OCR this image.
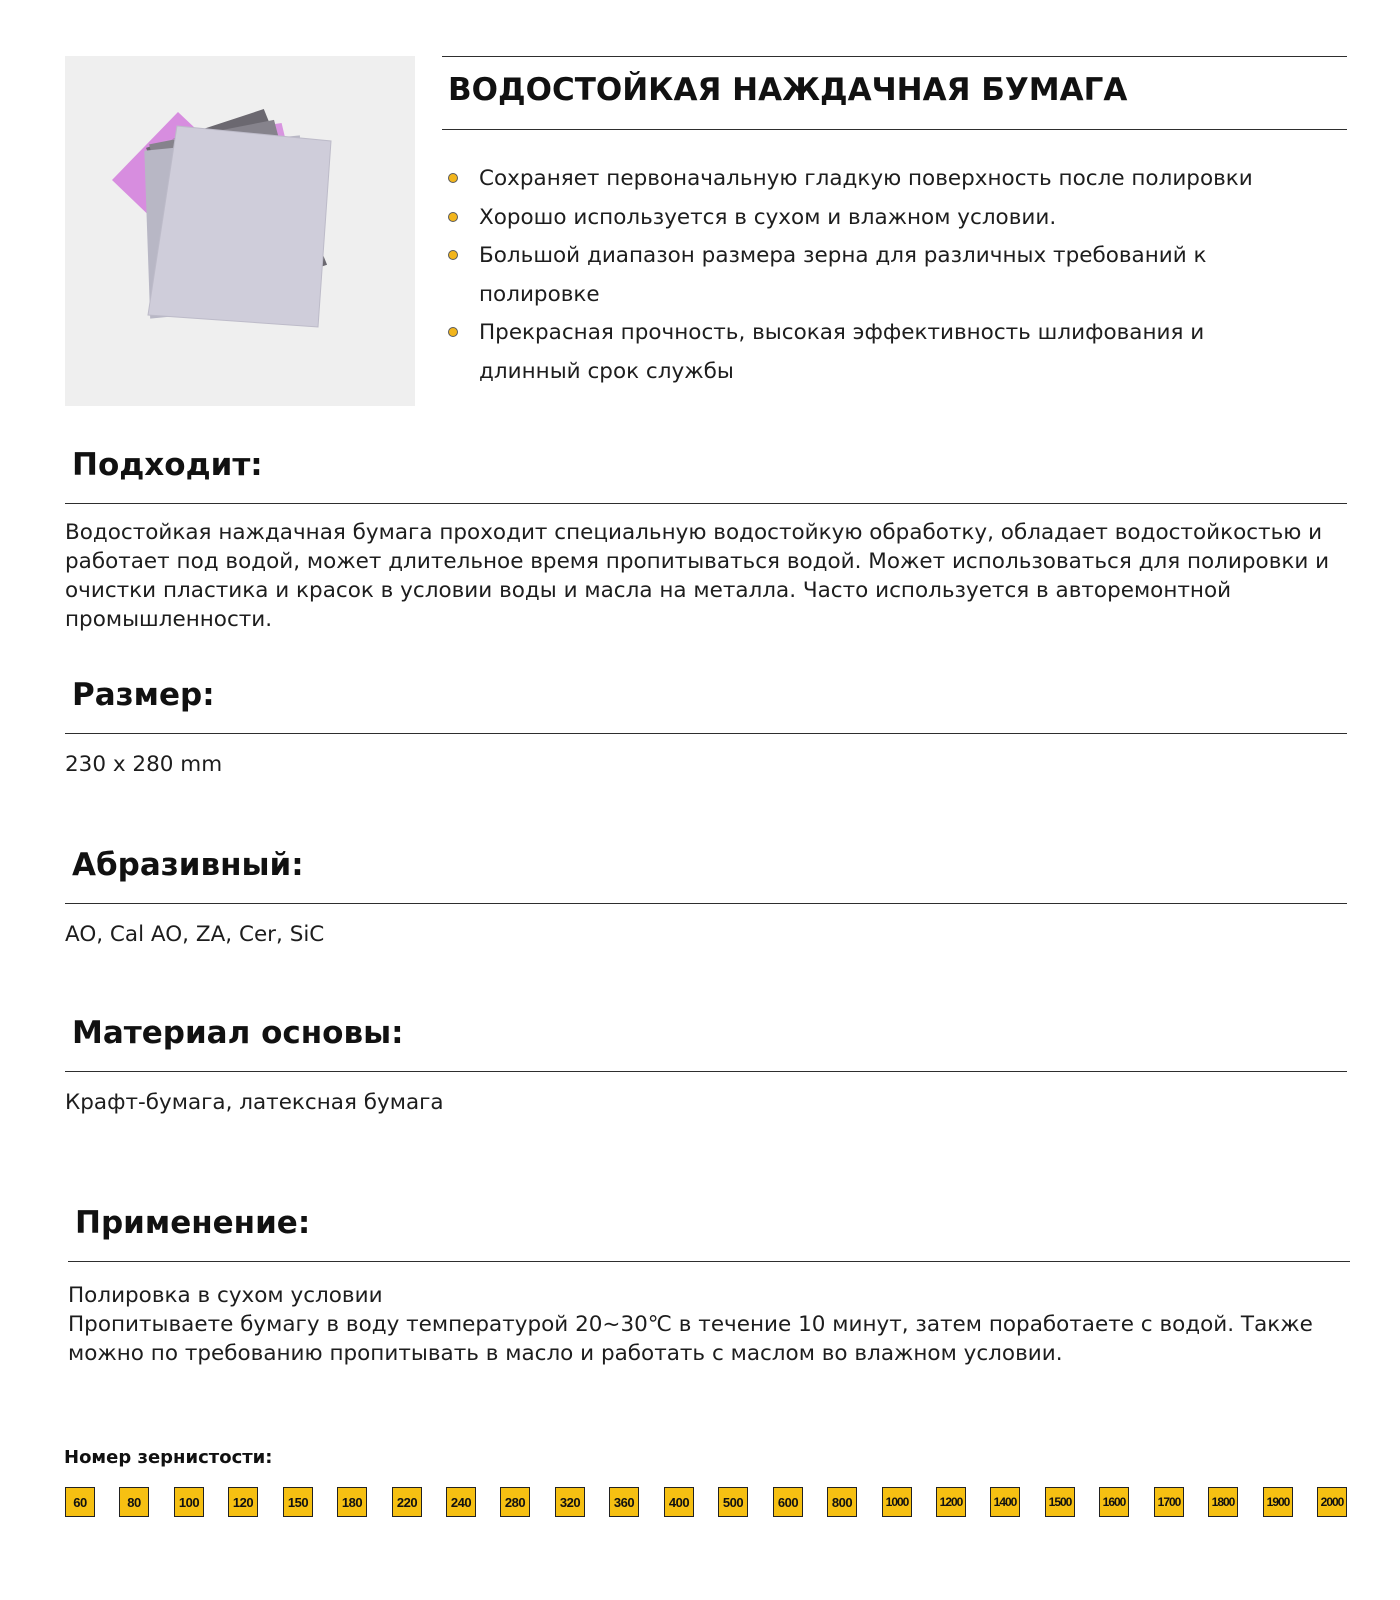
ВОДОСТОЙКАЯ НАЖДАЧНАЯ БУМАГА
Сохраняет первоначальную гладкую поверхность после полировки
Хорошо используется в сухом и влажном условии.
Большой диапазон размера зерна для различных требований к полировке
Прекрасная прочность, высокая эффективность шлифования и длинный срок службы
Подходит:

Водостойкая наждачная бумага проходит специальную водостойкую обработку, обладает водостойкостью и работает под водой, может длительное время пропитываться водой. Может использоваться для полировки и очистки пластика и красок в условии воды и масла на металла. Часто используется в авторемонтной промышленности.

Размер:

230 x 280 mm

Абразивный:

AO, Cal AO, ZA, Cer, SiC

Материал основы:

Крафт-бумага, латексная бумага

Применение:

Полировка в сухом условии

Пропитываете бумагу в воду температурой 20~30℃ в течение 10 минут, затем поработаете с водой. Также можно по требованию пропитывать в масло и работать с маслом во влажном условии.

Номер зернистости:
60	80	100	120	150	180	220	240	280	320	360	400	500	600	800	1000	1200	1400	1500	1600	1700	1800	1900	2000
